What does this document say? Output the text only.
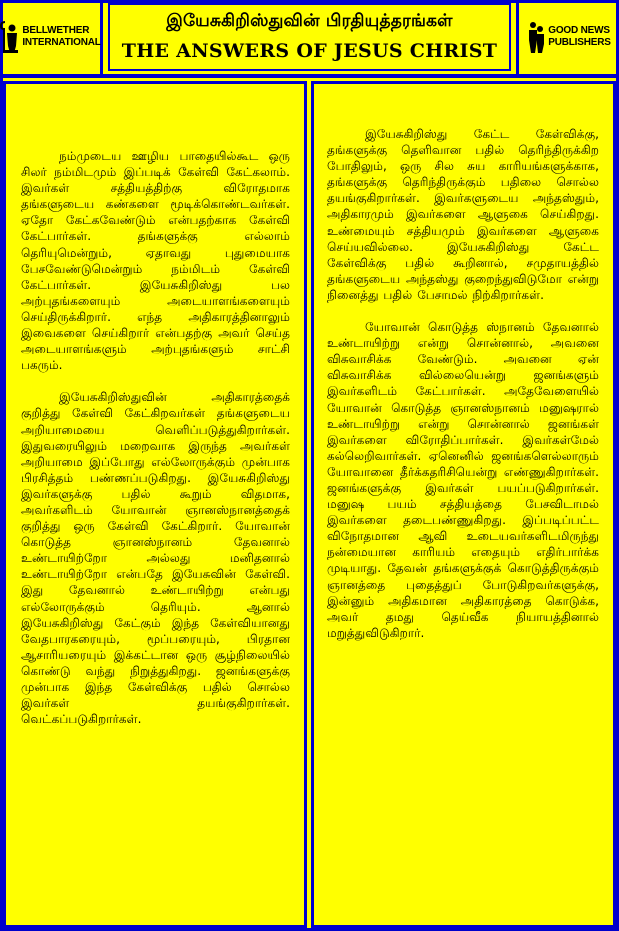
BELLWETHER
INTERNATIONAL
இயேசுகிறிஸ்துவின் பிரதியுத்தரங்கள்
THE ANSWERS OF JESUS CHRIST
GOOD NEWS
PUBLISHERS

நம்முடைய ஊழிய பாதையில்கூட ஒரு சிலர் நம்மிடமும் இப்படிக் கேள்வி கேட்கலாம். இவர்கள் சத்தியத்திற்கு விரோதமாக தங்களுடைய கண்களை மூடிக்கொண்டவர்கள். ஏதோ கேட்கவேண்டும் என்பதற்காக கேள்வி கேட்பார்கள். தங்களுக்கு எல்லாம் தெரியுமென்றும், ஏதாவது புதுமையாக பேசவேண்டுமென்றும் நம்மிடம் கேள்வி கேட்பார்கள். இயேசுகிறிஸ்து பல அற்புதங்களையும் அடையாளங்களையும் செய்திருக்கிறார். எந்த அதிகாரத்தினாலும் இவைகளை செய்கிறார் என்பதற்கு அவர் செய்த அடையாளங்களும் அற்புதங்களும் சாட்சி பகரும்.

இயேசுகிறிஸ்துவின் அதிகாரத்தைக் குறித்து கேள்வி கேட்கிறவர்கள் தங்களுடைய அறியாமையை வெளிப்படுத்துகிறார்கள். இதுவரையிலும் மறைவாக இருந்த அவர்கள் அறியாமை இப்போது எல்லோருக்கும் முன்பாக பிரசித்தம் பண்ணப்படுகிறது. இயேசுகிறிஸ்து இவர்களுக்கு பதில் கூறும் விதமாக, அவர்களிடம் யோவான் ஞானஸ்நானத்தைக் குறித்து ஒரு கேள்வி கேட்கிறார். யோவான் கொடுத்த ஞானஸ்நானம் தேவனால் உண்டாயிற்றோ அல்லது மனிதனால் உண்டாயிற்றோ என்பதே இயேசுவின் கேள்வி. இது தேவனால் உண்டாயிற்று என்பது எல்லோருக்கும் தெரியும். ஆனால் இயேசுகிறிஸ்து கேட்கும் இந்த கேள்வியானது வேதபாரகரையும், மூப்பரையும், பிரதான ஆசாரியரையும் இக்கட்டான ஒரு சூழ்நிலையில் கொண்டு வந்து நிறுத்துகிறது. ஜனங்களுக்கு முன்பாக இந்த கேள்விக்கு பதில் சொல்ல இவர்கள் தயங்குகிறார்கள். வெட்கப்படுகிறார்கள்.

இயேசுகிறிஸ்து கேட்ட கேள்விக்கு, தங்களுக்கு தெளிவான பதில் தெரிந்திருக்கிற போதிலும், ஒரு சில சுய காரியங்களுக்காக, தங்களுக்கு தெரிந்திருக்கும் பதிலை சொல்ல தயங்குகிறார்கள். இவர்களுடைய அந்தஸ்தும், அதிகாரமும் இவர்களை ஆளுகை செய்கிறது. உண்மையும் சத்தியமும் இவர்களை ஆளுகை செய்யவில்லை. இயேசுகிறிஸ்து கேட்ட கேள்விக்கு பதில் கூறினால், சமுதாயத்தில் தங்களுடைய அந்தஸ்து குறைந்துவிடுமோ என்று நினைத்து பதில் பேசாமல் நிற்கிறார்கள்.

யோவான் கொடுத்த ஸ்நானம் தேவனால் உண்டாயிற்று என்று சொன்னால், அவனை விசுவாசிக்க வேண்டும். அவனை ஏன் விசுவாசிக்க வில்லையென்று ஜனங்களும் இவர்களிடம் கேட்பார்கள். அதேவேளையில் யோவான் கொடுத்த ஞானஸ்நானம் மனுஷரால் உண்டாயிற்று என்று சொன்னால் ஜனங்கள் இவர்களை விரோதிப்பார்கள். இவர்கள்மேல் கல்லெறிவார்கள். ஏனெனில் ஜனங்களெல்லாரும் யோவானை தீர்க்கதரிசியென்று எண்ணுகிறார்கள். ஜனங்களுக்கு இவர்கள் பயப்படுகிறார்கள். மனுஷ பயம் சத்தியத்தை பேசவிடாமல் இவர்களை தடைபண்ணுகிறது. இப்படிப்பட்ட விநோதமான ஆவி உடையவர்களிடமிருந்து நன்மையான காரியம் எதையும் எதிர்பார்க்க முடியாது. தேவன் தங்களுக்குக் கொடுத்திருக்கும் ஞானத்தை புதைத்துப் போடுகிறவர்களுக்கு, இன்னும் அதிகமான அதிகாரத்தை கொடுக்க, அவர் தமது தெய்வீக நியாயத்தினால் மறுத்துவிடுகிறார்.
